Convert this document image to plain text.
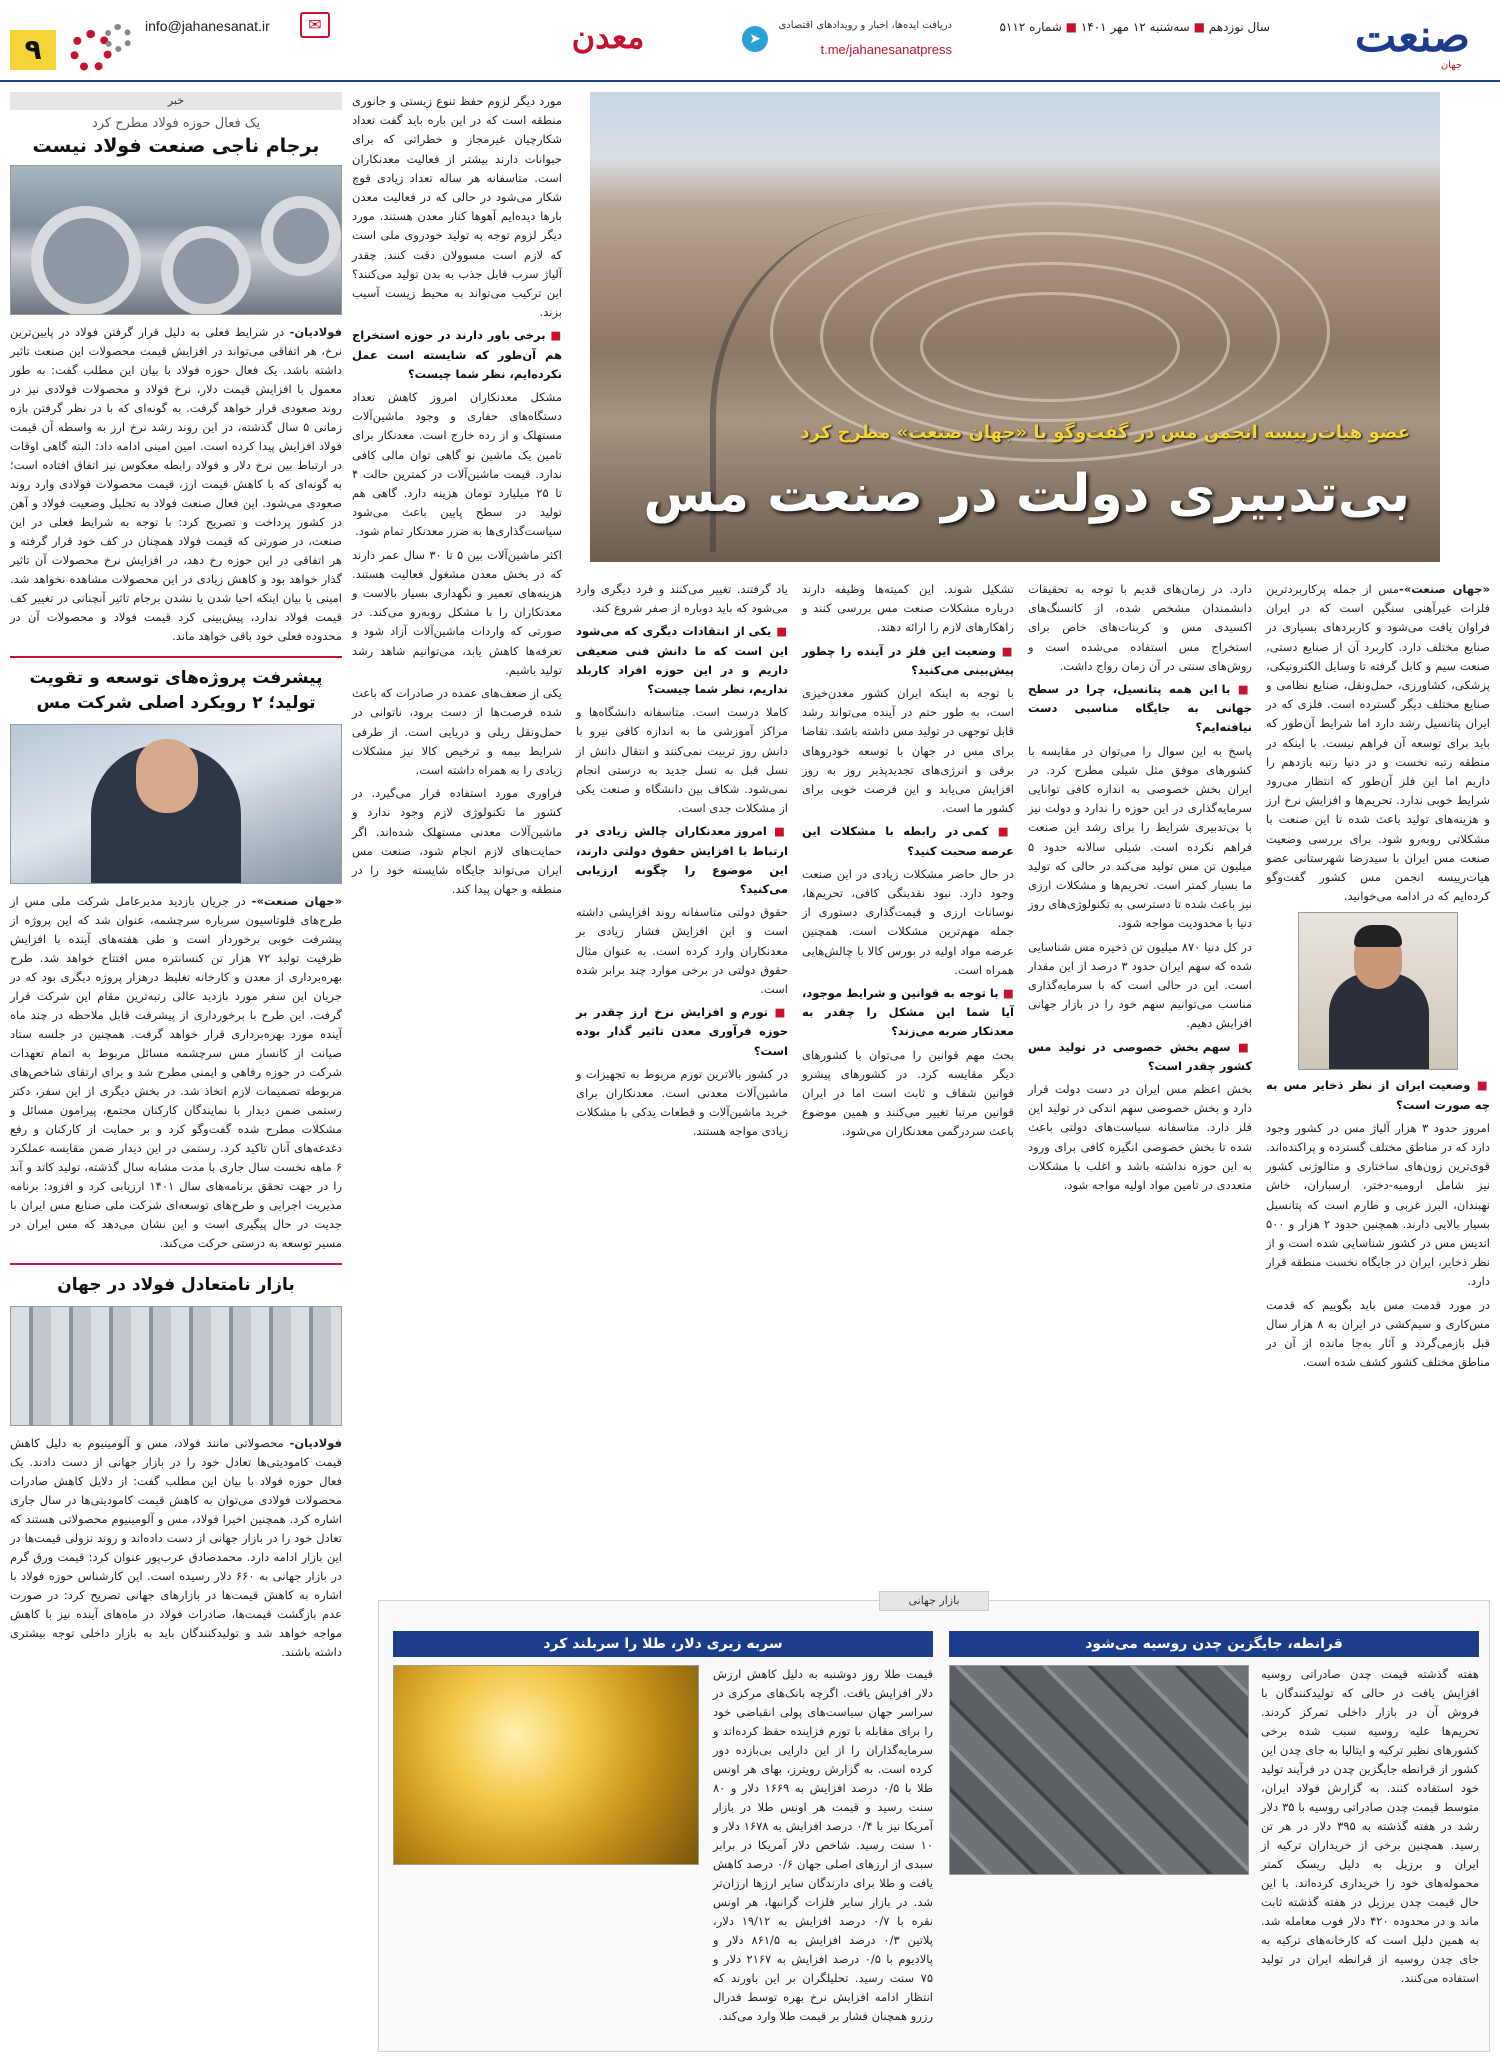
صنعت
جهان
سال نوزدهم ■ سه‌شنبه ۱۲ مهر ۱۴۰۱ ■ شماره ۵۱۱۲
➤
دریافت ایده‌ها، اخبار و رویدادهای اقتصادی
t.me/jahanesanatpress
معدن
✉
info@jahanesanat.ir
۹
خبر
یک فعال حوزه فولاد مطرح کرد
برجام ناجی صنعت فولاد نیست
فولادیان- در شرایط فعلی به دلیل قرار گرفتن فولاد در پایین‌ترین نرخ، هر اتفاقی می‌تواند در افزایش قیمت محصولات این صنعت تاثیر داشته باشد. یک فعال حوزه فولاد با بیان این مطلب گفت: به طور معمول با افزایش قیمت دلار، نرخ فولاد و محصولات فولادی نیز در روند صعودی قرار خواهد گرفت. به گونه‌ای که با در نظر گرفتن بازه زمانی ۵ سال گذشته، در این روند رشد نرخ ارز به واسطه آن قیمت فولاد افزایش پیدا کرده است. امین امینی ادامه داد: البته گاهی اوقات در ارتباط بین نرخ دلار و فولاد رابطه معکوس نیز اتفاق افتاده است؛ به گونه‌ای که با کاهش قیمت ارز، قیمت محصولات فولادی وارد روند صعودی می‌شود. این فعال صنعت فولاد به تحلیل وضعیت فولاد و آهن در کشور پرداخت و تصریح کرد: با توجه به شرایط فعلی در این صنعت، در صورتی که قیمت فولاد همچنان در کف خود قرار گرفته و هر اتفاقی در این حوزه رخ دهد، در افزایش نرخ محصولات آن تاثیر گذار خواهد بود و کاهش زیادی در این محصولات مشاهده نخواهد شد. امینی با بیان اینکه احیا شدن یا نشدن برجام تاثیر آنچنانی در تغییر کف قیمت فولاد ندارد، پیش‌بینی کرد قیمت فولاد و محصولات آن در محدوده فعلی خود باقی خواهد ماند.
پیشرفت پروژه‌های توسعه و تقویت تولید؛ ۲ رویکرد اصلی شرکت مس
«جهان صنعت»- در جریان بازدید مدیرعامل شرکت ملی مس از طرح‌های فلوتاسیون سرباره سرچشمه، عنوان شد که این پروژه از پیشرفت خوبی برخوردار است و طی هفته‌های آینده با افزایش ظرفیت تولید ۷۲ هزار تن کنسانتره مس افتتاح خواهد شد. طرح بهره‌برداری از معدن و کارخانه تغلیظ درهزار پروژه دیگری بود که در جریان این سفر مورد بازدید عالی رتبه‌ترین مقام این شرکت قرار گرفت. این طرح با برخورداری از پیشرفت قابل ملاحظه در چند ماه آینده مورد بهره‌برداری قرار خواهد گرفت. همچنین در جلسه ستاد صیانت از کانسار مس سرچشمه مسائل مربوط به اتمام تعهدات شرکت در حوزه رفاهی و ایمنی مطرح شد و برای ارتقای شاخص‌های مربوطه تصمیمات لازم اتخاذ شد. در بخش دیگری از این سفر، دکتر رستمی ضمن دیدار با نمایندگان کارکنان مجتمع، پیرامون مسائل و مشکلات مطرح شده گفت‌وگو کرد و بر حمایت از کارکنان و رفع دغدغه‌های آنان تاکید کرد. رستمی در این دیدار ضمن مقایسه عملکرد ۶ ماهه نخست سال جاری با مدت مشابه سال گذشته، تولید کاتد و آند را در جهت تحقق برنامه‌های سال ۱۴۰۱ ارزیابی کرد و افزود: برنامه مدیریت اجرایی و طرح‌های توسعه‌ای شرکت ملی صنایع مس ایران با جدیت در حال پیگیری است و این نشان می‌دهد که مس ایران در مسیر توسعه به درستی حرکت می‌کند.
بازار نامتعادل فولاد در جهان
فولادیان- محصولاتی مانند فولاد، مس و آلومینیوم به دلیل کاهش قیمت کامودیتی‌ها تعادل خود را در بازار جهانی از دست دادند. یک فعال حوزه فولاد با بیان این مطلب گفت: از دلایل کاهش صادرات محصولات فولادی می‌توان به کاهش قیمت کامودیتی‌ها در سال جاری اشاره کرد. همچنین اخیرا فولاد، مس و آلومینیوم محصولاتی هستند که تعادل خود را در بازار جهانی از دست داده‌اند و روند نزولی قیمت‌ها در این بازار ادامه دارد. محمدصادق عرب‌پور عنوان کرد: قیمت ورق گرم در بازار جهانی به ۶۶۰ دلار رسیده است. این کارشناس حوزه فولاد با اشاره به کاهش قیمت‌ها در بازارهای جهانی تصریح کرد: در صورت عدم بازگشت قیمت‌ها، صادرات فولاد در ماه‌های آینده نیز با کاهش مواجه خواهد شد و تولیدکنندگان باید به بازار داخلی توجه بیشتری داشته باشند.
عضو هیات‌رییسه انجمن مس در گفت‌وگو با «جهان صنعت» مطرح کرد
بی‌تدبیری دولت در صنعت مس

«جهان صنعت»-مس از جمله پرکاربردترین فلزات غیرآهنی سنگین است که در ایران فراوان یافت می‌شود و کاربردهای بسیاری در صنایع مختلف دارد. کاربرد آن از صنایع دستی، صنعت سیم و کابل گرفته تا وسایل الکترونیکی، پزشکی، کشاورزی، حمل‌ونقل، صنایع نظامی و صنایع مختلف دیگر گسترده است. فلزی که در ایران پتانسیل رشد دارد اما شرایط آن‌طور که باید برای توسعه آن فراهم نیست. با اینکه در منطقه رتبه نخست و در دنیا رتبه یازدهم را داریم اما این فلز آن‌طور که انتظار می‌رود شرایط خوبی ندارد. تحریم‌ها و افزایش نرخ ارز و هزینه‌های تولید باعث شده تا این صنعت با مشکلاتی روبه‌رو شود. برای بررسی وضعیت صنعت مس ایران با سیدرضا شهرستانی عضو هیات‌رییسه انجمن مس کشور گفت‌وگو کرده‌ایم که در ادامه می‌خوانید.

■ وضعیت ایران از نظر ذخایر مس به چه صورت است؟

امروز حدود ۳ هزار آلیاژ مس در کشور وجود دارد که در مناطق مختلف گسترده و پراکنده‌اند. قوی‌ترین زون‌های ساختاری و متالوژنی کشور نیز شامل ارومیه-دختر، ارسباران، خاش نهبندان، البرز غربی و طارم است که پتانسیل بسیار بالایی دارند. همچنین حدود ۲ هزار و ۵۰۰ اندیس مس در کشور شناسایی شده است و از نظر ذخایر، ایران در جایگاه نخست منطقه قرار دارد.

در مورد قدمت مس باید بگوییم که قدمت مس‌کاری و سیم‌کشی در ایران به ۸ هزار سال قبل بازمی‌گردد و آثار به‌جا مانده از آن در مناطق مختلف کشور کشف شده است.

دارد. در زمان‌های قدیم با توجه به تحقیقات دانشمندان مشخص شده، از کانسنگ‌های اکسیدی مس و کربنات‌های خاص برای استخراج مس استفاده می‌شده است و روش‌های سنتی در آن زمان رواج داشت.

■ با این همه پتانسیل، چرا در سطح جهانی به جایگاه مناسبی دست نیافته‌ایم؟

پاسخ به این سوال را می‌توان در مقایسه با کشورهای موفق مثل شیلی مطرح کرد. در ایران بخش خصوصی به اندازه کافی توانایی سرمایه‌گذاری در این حوزه را ندارد و دولت نیز با بی‌تدبیری شرایط را برای رشد این صنعت فراهم نکرده است. شیلی سالانه حدود ۵ میلیون تن مس تولید می‌کند در حالی که تولید ما بسیار کمتر است. تحریم‌ها و مشکلات ارزی نیز باعث شده تا دسترسی به تکنولوژی‌های روز دنیا با محدودیت مواجه شود.

در کل دنیا ۸۷۰ میلیون تن ذخیره مس شناسایی شده که سهم ایران حدود ۳ درصد از این مقدار است. این در حالی است که با سرمایه‌گذاری مناسب می‌توانیم سهم خود را در بازار جهانی افزایش دهیم.

■ سهم بخش خصوصی در تولید مس کشور چقدر است؟

بخش اعظم مس ایران در دست دولت قرار دارد و بخش خصوصی سهم اندکی در تولید این فلز دارد. متاسفانه سیاست‌های دولتی باعث شده تا بخش خصوصی انگیزه کافی برای ورود به این حوزه نداشته باشد و اغلب با مشکلات متعددی در تامین مواد اولیه مواجه شود.

تشکیل شوند. این کمیته‌ها وظیفه دارند درباره مشکلات صنعت مس بررسی کنند و راهکارهای لازم را ارائه دهند.

■ وضعیت این فلز در آینده را چطور پیش‌بینی می‌کنید؟

با توجه به اینکه ایران کشور معدن‌خیزی است، به طور حتم در آینده می‌تواند رشد قابل توجهی در تولید مس داشته باشد. تقاضا برای مس در جهان با توسعه خودروهای برقی و انرژی‌های تجدیدپذیر روز به روز افزایش می‌یابد و این فرصت خوبی برای کشور ما است.

■ کمی در رابطه با مشکلات این عرصه صحبت کنید؟

در حال حاضر مشکلات زیادی در این صنعت وجود دارد. نبود نقدینگی کافی، تحریم‌ها، نوسانات ارزی و قیمت‌گذاری دستوری از جمله مهم‌ترین مشکلات است. همچنین عرضه مواد اولیه در بورس کالا با چالش‌هایی همراه است.

■ با توجه به قوانین و شرایط موجود، آیا شما این مشکل را چقدر به معدنکار ضربه می‌زند؟

بحث مهم قوانین را می‌توان با کشورهای دیگر مقایسه کرد. در کشورهای پیشرو قوانین شفاف و ثابت است اما در ایران قوانین مرتبا تغییر می‌کنند و همین موضوع باعث سردرگمی معدنکاران می‌شود.

یاد گرفتند. تغییر می‌کنند و فرد دیگری وارد می‌شود که باید دوباره از صفر شروع کند.

■ یکی از انتقادات دیگری که می‌شود این است که ما دانش فنی ضعیفی داریم و در این حوزه افراد کاربلد نداریم، نظر شما چیست؟

کاملا درست است. متاسفانه دانشگاه‌ها و مراکز آموزشی ما به اندازه کافی نیرو با دانش روز تربیت نمی‌کنند و انتقال دانش از نسل قبل به نسل جدید به درستی انجام نمی‌شود. شکاف بین دانشگاه و صنعت یکی از مشکلات جدی است.

■ امروز معدنکاران چالش زیادی در ارتباط با افزایش حقوق دولتی دارند، این موضوع را چگونه ارزیابی می‌کنید؟

حقوق دولتی متاسفانه روند افزایشی داشته است و این افزایش فشار زیادی بر معدنکاران وارد کرده است. به عنوان مثال حقوق دولتی در برخی موارد چند برابر شده است.

■ تورم و افزایش نرخ ارز چقدر بر حوزه فرآوری معدن تاثیر گذار بوده است؟

در کشور بالاترین تورم مربوط به تجهیزات و ماشین‌آلات معدنی است. معدنکاران برای خرید ماشین‌آلات و قطعات یدکی با مشکلات زیادی مواجه هستند.

مورد دیگر لزوم حفظ تنوع زیستی و جانوری منطقه است که در این باره باید گفت تعداد شکارچیان غیرمجاز و خطراتی که برای حیوانات دارند بیشتر از فعالیت معدنکاران است. متاسفانه هر ساله تعداد زیادی قوچ شکار می‌شود در حالی که در فعالیت معدن بارها دیده‌ایم آهوها کنار معدن هستند. مورد دیگر لزوم توجه به تولید خودروی ملی است که لازم است مسوولان دقت کنند. چقدر آلیاژ سرب قابل جذب به بدن تولید می‌کنند؟ این ترکیب می‌تواند به محیط زیست آسیب بزند.

■ برخی باور دارند در حوزه استخراج هم آن‌طور که شایسته است عمل نکرده‌ایم، نظر شما چیست؟

مشکل معدنکاران امروز کاهش تعداد دستگاه‌های حفاری و وجود ماشین‌آلات مستهلک و از رده خارج است. معدنکار برای تامین یک ماشین نو گاهی توان مالی کافی ندارد. قیمت ماشین‌آلات در کمترین حالت ۴ تا ۲۵ میلیارد تومان هزینه دارد. گاهی هم تولید در سطح پایین باعث می‌شود سیاست‌گذاری‌ها به ضرر معدنکار تمام شود.

اکثر ماشین‌آلات بین ۵ تا ۳۰ سال عمر دارند که در بخش معدن مشغول فعالیت هستند. هزینه‌های تعمیر و نگهداری بسیار بالاست و معدنکاران را با مشکل روبه‌رو می‌کند. در صورتی که واردات ماشین‌آلات آزاد شود و تعرفه‌ها کاهش یابد، می‌توانیم شاهد رشد تولید باشیم.

یکی از ضعف‌های عمده در صادرات که باعث شده فرصت‌ها از دست برود، ناتوانی در حمل‌ونقل ریلی و دریایی است. از طرفی شرایط بیمه و ترخیص کالا نیز مشکلات زیادی را به همراه داشته است.

فراوری مورد استفاده قرار می‌گیرد. در کشور ما تکنولوژی لازم وجود ندارد و ماشین‌آلات معدنی مستهلک شده‌اند. اگر حمایت‌های لازم انجام شود، صنعت مس ایران می‌تواند جایگاه شایسته خود را در منطقه و جهان پیدا کند.

بازار جهانی
قرانطه، جایگزین چدن روسیه می‌شود
هفته گذشته قیمت چدن صادراتی روسیه افزایش یافت در حالی که تولیدکنندگان با فروش آن در بازار داخلی تمرکز کردند. تحریم‌ها علیه روسیه سبب شده برخی کشورهای نظیر ترکیه و ایتالیا به جای چدن این کشور از قرانطه جایگزین چدن در فرآیند تولید خود استفاده کنند. به گزارش فولاد ایران، متوسط قیمت چدن صادراتی روسیه با ۳۵ دلار رشد در هفته گذشته به ۳۹۵ دلار در هر تن رسید. همچنین برخی از خریداران ترکیه از ایران و برزیل به دلیل ریسک کمتر محموله‌های خود را خریداری کرده‌اند. با این حال قیمت چدن برزیل در هفته گذشته ثابت ماند و در محدوده ۴۲۰ دلار فوب معامله شد. به همین دلیل است که کارخانه‌های ترکیه به جای چدن روسیه از قرانطه ایران در تولید استفاده می‌کنند.
سربه زیری دلار، طلا را سربلند کرد
قیمت طلا روز دوشنبه به دلیل کاهش ارزش دلار افزایش یافت. اگرچه بانک‌های مرکزی در سراسر جهان سیاست‌های پولی انقباضی خود را برای مقابله با تورم فزاینده حفظ کرده‌اند و سرمایه‌گذاران را از این دارایی بی‌بازده دور کرده است. به گزارش رویترز، بهای هر اونس طلا با ۰/۵ درصد افزایش به ۱۶۶۹ دلار و ۸۰ سنت رسید و قیمت هر اونس طلا در بازار آمریکا نیز با ۰/۴ درصد افزایش به ۱۶۷۸ دلار و ۱۰ سنت رسید. شاخص دلار آمریکا در برابر سبدی از ارزهای اصلی جهان ۰/۶ درصد کاهش یافت و طلا برای دارندگان سایر ارزها ارزان‌تر شد. در بازار سایر فلزات گرانبها، هر اونس نقره با ۰/۷ درصد افزایش به ۱۹/۱۲ دلار، پلاتین ۰/۳ درصد افزایش به ۸۶۱/۵ دلار و پالادیوم با ۰/۵ درصد افزایش به ۲۱۶۷ دلار و ۷۵ سنت رسید. تحلیلگران بر این باورند که انتظار ادامه افزایش نرخ بهره توسط فدرال رزرو همچنان فشار بر قیمت طلا وارد می‌کند.
